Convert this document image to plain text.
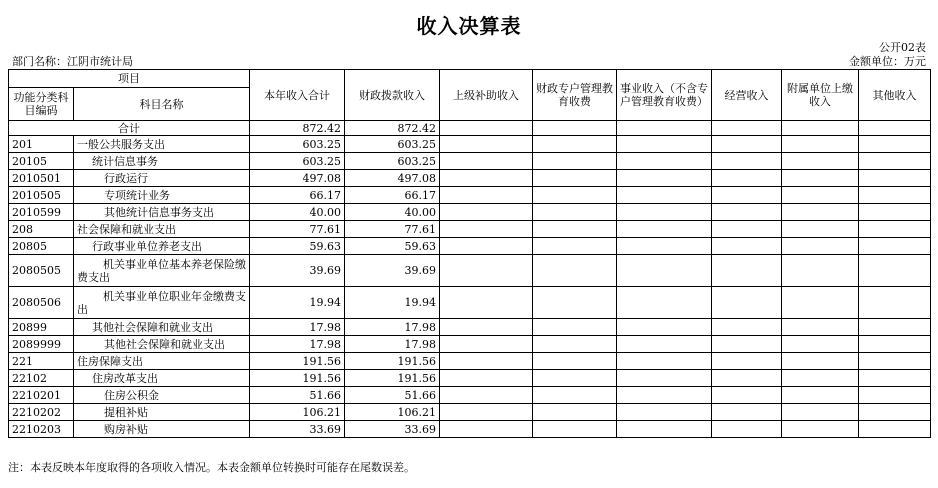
收入决算表
公开02表
部门名称：江阴市统计局	金额单位：万元
项目		本年收入合计	财政拨款收入	上级补助收入	财政专户管理教育收费	事业收入（不含专户管理教育收费）	经营收入	附属单位上缴收入	其他收入
功能分类科目编码	科目名称								
合计		872.42	872.42						
201	一般公共服务支出	603.25	603.25						
20105	统计信息事务	603.25	603.25						
2010501	行政运行	497.08	497.08						
2010505	专项统计业务	66.17	66.17						
2010599	其他统计信息事务支出	40.00	40.00						
208	社会保障和就业支出	77.61	77.61						
20805	行政事业单位养老支出	59.63	59.63						
2080505	机关事业单位基本养老保险缴费支出	39.69	39.69						
2080506	机关事业单位职业年金缴费支出	19.94	19.94						
20899	其他社会保障和就业支出	17.98	17.98						
2089999	其他社会保障和就业支出	17.98	17.98						
221	住房保障支出	191.56	191.56						
22102	住房改革支出	191.56	191.56						
2210201	住房公积金	51.66	51.66						
2210202	提租补贴	106.21	106.21						
2210203	购房补贴	33.69	33.69						
注：本表反映本年度取得的各项收入情况。本表金额单位转换时可能存在尾数误差。
